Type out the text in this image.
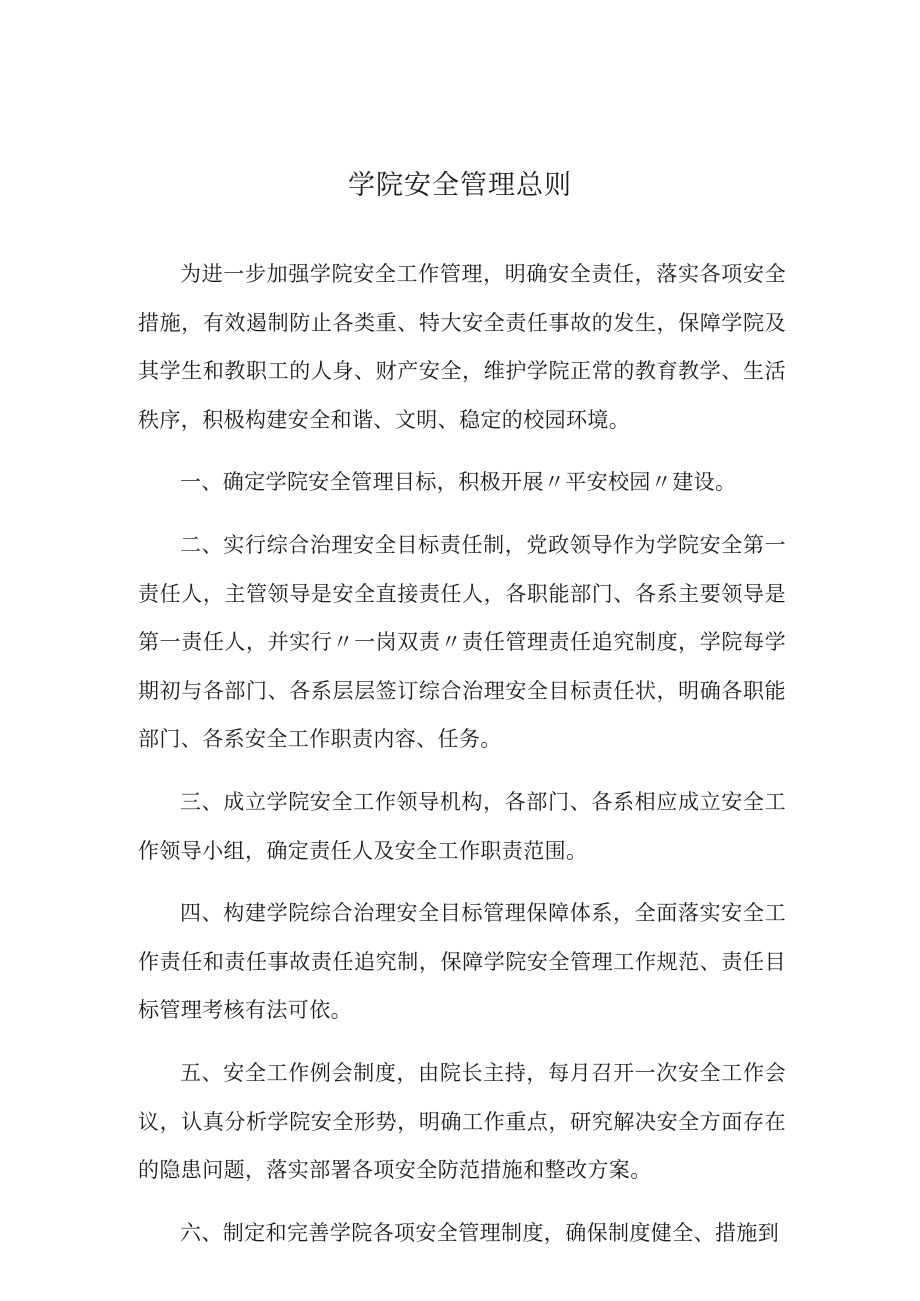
学院安全管理总则

为进一步加强学院安全工作管理，明确安全责任，落实各项安全措施，有效遏制防止各类重、特大安全责任事故的发生，保障学院及其学生和教职工的人身、财产安全，维护学院正常的教育教学、生活秩序，积极构建安全和谐、文明、稳定的校园环境。

一、确定学院安全管理目标，积极开展〃平安校园〃建设。

二、实行综合治理安全目标责任制，党政领导作为学院安全第一责任人，主管领导是安全直接责任人，各职能部门、各系主要领导是第一责任人，并实行〃一岗双责〃责任管理责任追究制度，学院每学期初与各部门、各系层层签订综合治理安全目标责任状，明确各职能部门、各系安全工作职责内容、任务。

三、成立学院安全工作领导机构，各部门、各系相应成立安全工作领导小组，确定责任人及安全工作职责范围。

四、构建学院综合治理安全目标管理保障体系，全面落实安全工作责任和责任事故责任追究制，保障学院安全管理工作规范、责任目标管理考核有法可依。

五、安全工作例会制度，由院长主持，每月召开一次安全工作会议，认真分析学院安全形势，明确工作重点，研究解决安全方面存在的隐患问题，落实部署各项安全防范措施和整改方案。

六、制定和完善学院各项安全管理制度，确保制度健全、措施到
